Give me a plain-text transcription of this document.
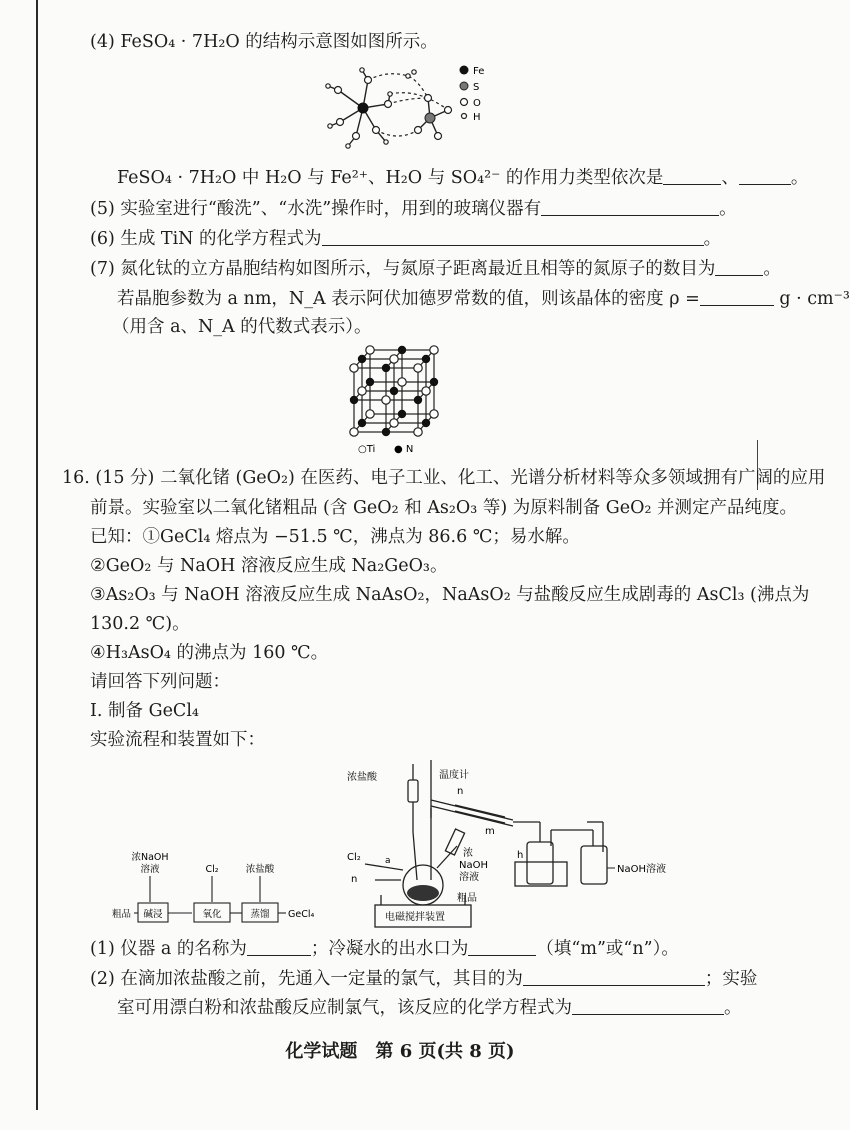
(4) FeSO₄ · 7H₂O 的结构示意图如图所示。
Fe
S
O
H
FeSO₄ · 7H₂O 中 H₂O 与 Fe²⁺、H₂O 与 SO₄²⁻ 的作用力类型依次是	、	。
(5) 实验室进行“酸洗”、“水洗”操作时，用到的玻璃仪器有	。
(6) 生成 TiN 的化学方程式为	。
(7) 氮化钛的立方晶胞结构如图所示，与氮原子距离最近且相等的氮原子的数目为	。
若晶胞参数为 a nm，N_A 表示阿伏加德罗常数的值，则该晶体的密度 ρ =	g · cm⁻³
（用含 a、N_A 的代数式表示）。
○Ti ● N
16. (15 分) 二氧化锗 (GeO₂) 在医药、电子工业、化工、光谱分析材料等众多领域拥有广阔的应用
前景。实验室以二氧化锗粗品 (含 GeO₂ 和 As₂O₃ 等) 为原料制备 GeO₂ 并测定产品纯度。
已知：①GeCl₄ 熔点为 −51.5 ℃，沸点为 86.6 ℃；易水解。
②GeO₂ 与 NaOH 溶液反应生成 Na₂GeO₃。
③As₂O₃ 与 NaOH 溶液反应生成 NaAsO₂，NaAsO₂ 与盐酸反应生成剧毒的 AsCl₃ (沸点为
130.2 ℃)。
④H₃AsO₄ 的沸点为 160 ℃。
请回答下列问题：
Ⅰ. 制备 GeCl₄
实验流程和装置如下：
浓NaOH
溶液	Cl₂	浓盐酸
粗品 碱浸	氧化	蒸馏 GeCl₄
浓盐酸	温度计
n
m
Cl₂	a
n
浓
NaOH
溶液
粗品
电磁搅拌装置
h
NaOH溶液
(1) 仪器 a 的名称为	；冷凝水的出水口为	（填“m”或“n”）。
(2) 在滴加浓盐酸之前，先通入一定量的氯气，其目的为	；实验
室可用漂白粉和浓盐酸反应制氯气，该反应的化学方程式为	。
化学试题　第 6 页(共 8 页)
